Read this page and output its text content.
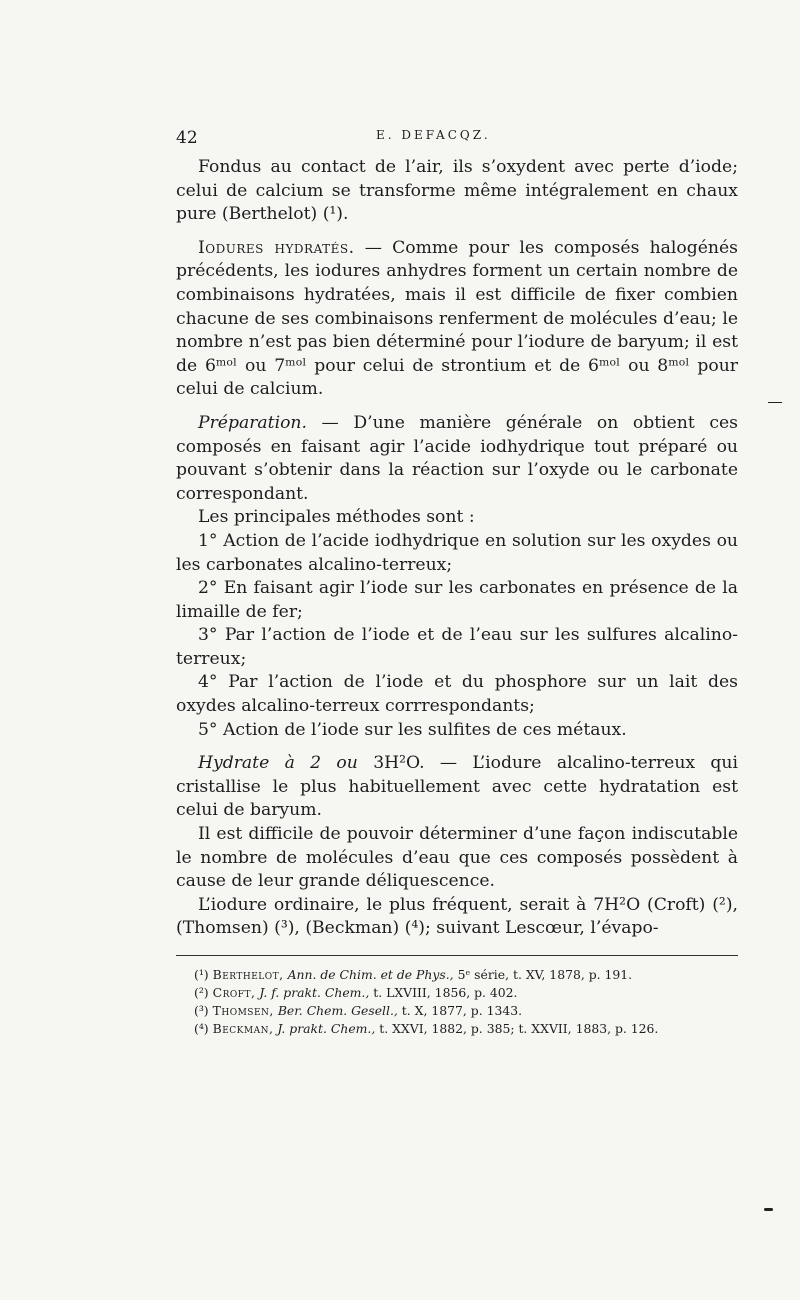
42	E. DEFACQZ.

Fondus au contact de l’air, ils s’oxydent avec perte d’iode; celui de calcium se transforme même intégralement en chaux pure (Berthelot) (¹).

Iodures hydratés. — Comme pour les composés halogénés précédents, les iodures anhydres forment un certain nombre de combinaisons hydratées, mais il est difficile de fixer combien chacune de ses combinaisons renferment de molécules d’eau; le nombre n’est pas bien déterminé pour l’iodure de baryum; il est de 6ᵐᵒˡ ou 7ᵐᵒˡ pour celui de strontium et de 6ᵐᵒˡ ou 8ᵐᵒˡ pour celui de calcium.

Préparation. — D’une manière générale on obtient ces composés en faisant agir l’acide iodhydrique tout préparé ou pouvant s’obtenir dans la réaction sur l’oxyde ou le carbonate correspondant.

Les principales méthodes sont :

1° Action de l’acide iodhydrique en solution sur les oxydes ou les carbonates alcalino-terreux;

2° En faisant agir l’iode sur les carbonates en présence de la limaille de fer;

3° Par l’action de l’iode et de l’eau sur les sulfures alcalino-terreux;

4° Par l’action de l’iode et du phosphore sur un lait des oxydes alcalino-terreux corrrespondants;

5° Action de l’iode sur les sulfites de ces métaux.

Hydrate à 2 ou 3H²O. — L’iodure alcalino-terreux qui cristallise le plus habituellement avec cette hydratation est celui de baryum.

Il est difficile de pouvoir déterminer d’une façon indiscutable le nombre de molécules d’eau que ces composés possèdent à cause de leur grande déliquescence.

L’iodure ordinaire, le plus fréquent, serait à 7H²O (Croft) (²), (Thomsen) (³), (Beckman) (⁴); suivant Lescœur, l’évapo-

(¹) Berthelot, Ann. de Chim. et de Phys., 5ᵉ série, t. XV, 1878, p. 191.

(²) Croft, J. f. prakt. Chem., t. LXVIII, 1856, p. 402.

(³) Thomsen, Ber. Chem. Gesell., t. X, 1877, p. 1343.

(⁴) Beckman, J. prakt. Chem., t. XXVI, 1882, p. 385; t. XXVII, 1883, p. 126.
